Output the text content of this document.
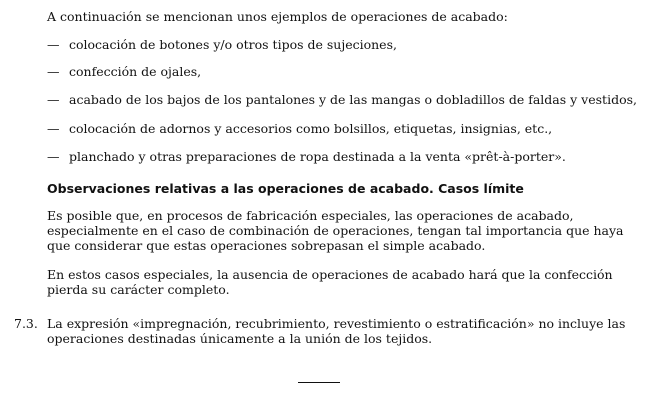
A continuación se mencionan unos ejemplos de operaciones de acabado:
— colocación de botones y/o otros tipos de sujeciones,
— confección de ojales,
— acabado de los bajos de los pantalones y de las mangas o dobladillos de faldas y vestidos,
— colocación de adornos y accesorios como bolsillos, etiquetas, insignias, etc.,
— planchado y otras preparaciones de ropa destinada a la venta «prêt-à-porter».
Observaciones relativas a las operaciones de acabado. Casos límite
Es posible que, en procesos de fabricación especiales, las operaciones de acabado, especialmente en el caso de combinación de operaciones, tengan tal importancia que haya que considerar que estas operaciones sobrepasan el simple acabado.
En estos casos especiales, la ausencia de operaciones de acabado hará que la confección pierda su carácter completo.
7.3. La expresión «impregnación, recubrimiento, revestimiento o estratificación» no incluye las operaciones destinadas únicamente a la unión de los tejidos.
